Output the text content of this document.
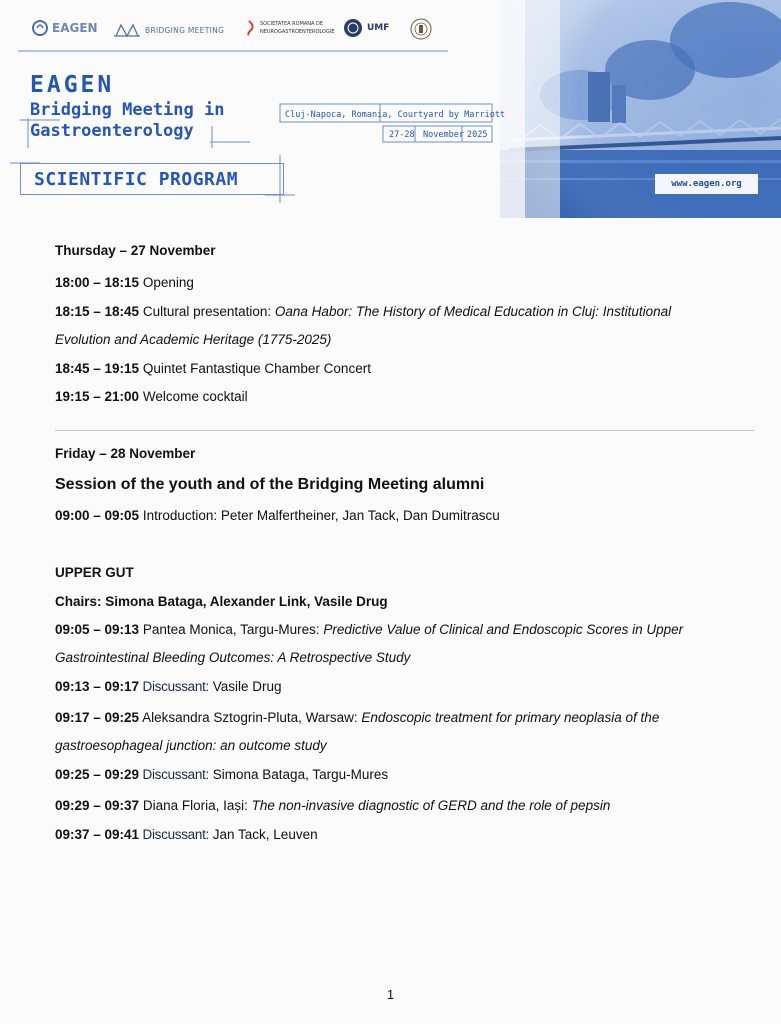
EAGEN	BRIDGING MEETING
SOCIETATEA ROMANA DE
NEUROGASTROENTEROLOGIE	UMF
EAGEN
Bridging Meeting in
Gastroenterology
Cluj-Napoca, Romania, Courtyard by Marriott
27-28 November 2025
SCIENTIFIC PROGRAM	www.eagen.org
Thursday – 27 November
18:00 – 18:15 Opening
18:15 – 18:45 Cultural presentation: Oana Habor: The History of Medical Education in Cluj: Institutional
Evolution and Academic Heritage (1775-2025)
18:45 – 19:15 Quintet Fantastique Chamber Concert
19:15 – 21:00 Welcome cocktail
Friday – 28 November
Session of the youth and of the Bridging Meeting alumni
09:00 – 09:05 Introduction: Peter Malfertheiner, Jan Tack, Dan Dumitrascu
UPPER GUT
Chairs: Simona Bataga, Alexander Link, Vasile Drug
09:05 – 09:13 Pantea Monica, Targu-Mures: Predictive Value of Clinical and Endoscopic Scores in Upper
Gastrointestinal Bleeding Outcomes: A Retrospective Study
09:13 – 09:17 Discussant: Vasile Drug
09:17 – 09:25 Aleksandra Sztogrin-Pluta, Warsaw: Endoscopic treatment for primary neoplasia of the
gastroesophageal junction: an outcome study
09:25 – 09:29 Discussant: Simona Bataga, Targu-Mures
09:29 – 09:37 Diana Floria, Iași: The non-invasive diagnostic of GERD and the role of pepsin
09:37 – 09:41 Discussant: Jan Tack, Leuven
1
